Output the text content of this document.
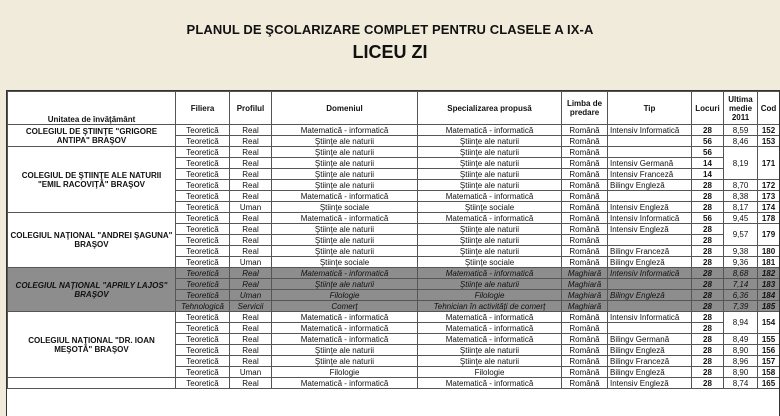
PLANUL DE ŞCOLARIZARE COMPLET PENTRU CLASELE A IX-A
LICEU ZI
Unitatea de învăţământ	Filiera	Profilul	Domeniul	Specializarea propusă	Limba de predare	Tip	Locuri	Ultima medie 2011	Cod
COLEGIUL DE ŞTIINŢE "GRIGORE ANTIPA" BRAŞOV	Teoretică	Real	Matematică - informatică	Matematică - informatică	Română	Intensiv Informatică	28	8,59	152
	Teoretică	Real	Ştiinţe ale naturii	Ştiinţe ale naturii	Română		56	8,46	153
COLEGIUL DE ŞTIINŢE ALE NATURII "EMIL RACOVIŢĂ" BRAŞOV	Teoretică	Real	Ştiinţe ale naturii	Ştiinţe ale naturii	Română		56	8,19	171
	Teoretică	Real	Ştiinţe ale naturii	Ştiinţe ale naturii	Română	Intensiv Germană	14		
	Teoretică	Real	Ştiinţe ale naturii	Ştiinţe ale naturii	Română	Intensiv Franceză	14		
	Teoretică	Real	Ştiinţe ale naturii	Ştiinţe ale naturii	Română	Bilingv Engleză	28	8,70	172
	Teoretică	Real	Matematică - informatică	Matematică - informatică	Română		28	8,38	173
	Teoretică	Uman	Ştiinţe sociale	Ştiinţe sociale	Română	Intensiv Engleză	28	8,17	174
COLEGIUL NAŢIONAL "ANDREI ŞAGUNA" BRAŞOV	Teoretică	Real	Matematică - informatică	Matematică - informatică	Română	Intensiv Informatică	56	9,45	178
	Teoretică	Real	Ştiinţe ale naturii	Ştiinţe ale naturii	Română	Intensiv Engleză	28	9,57	179
	Teoretică	Real	Ştiinţe ale naturii	Ştiinţe ale naturii	Română		28		
	Teoretică	Real	Ştiinţe ale naturii	Ştiinţe ale naturii	Română	Bilingv Franceză	28	9,38	180
	Teoretică	Uman	Ştiinţe sociale	Ştiinţe sociale	Română	Bilingv Engleză	28	9,36	181
COLEGIUL NAŢIONAL "APRILY LAJOS" BRAŞOV	Teoretică	Real	Matematică - informatică	Matematică - informatică	Maghiară	Intensiv Informatică	28	8,68	182
	Teoretică	Real	Ştiinţe ale naturii	Ştiinţe ale naturii	Maghiară		28	7,14	183
	Teoretică	Uman	Filologie	Filologie	Maghiară	Bilingv Engleză	28	6,36	184
	Tehnologică	Servicii	Comerţ	Tehnician în activităţi de comerţ	Maghiară		28	7,39	185
COLEGIUL NAŢIONAL "DR. IOAN MEŞOTĂ" BRAŞOV	Teoretică	Real	Matematică - informatică	Matematică - informatică	Română	Intensiv Informatică	28	8,94	154
	Teoretică	Real	Matematică - informatică	Matematică - informatică	Română		28		
	Teoretică	Real	Matematică - informatică	Matematică - informatică	Română	Bilingv Germană	28	8,49	155
	Teoretică	Real	Ştiinţe ale naturii	Ştiinţe ale naturii	Română	Bilingv Engleză	28	8,90	156
	Teoretică	Real	Ştiinţe ale naturii	Ştiinţe ale naturii	Română	Bilingv Franceză	28	8,96	157
	Teoretică	Uman	Filologie	Filologie	Română	Bilingv Engleză	28	8,90	158
	Teoretică	Real	Matematică - informatică	Matematică - informatică	Română	Intensiv Engleză	28	8,74	165
